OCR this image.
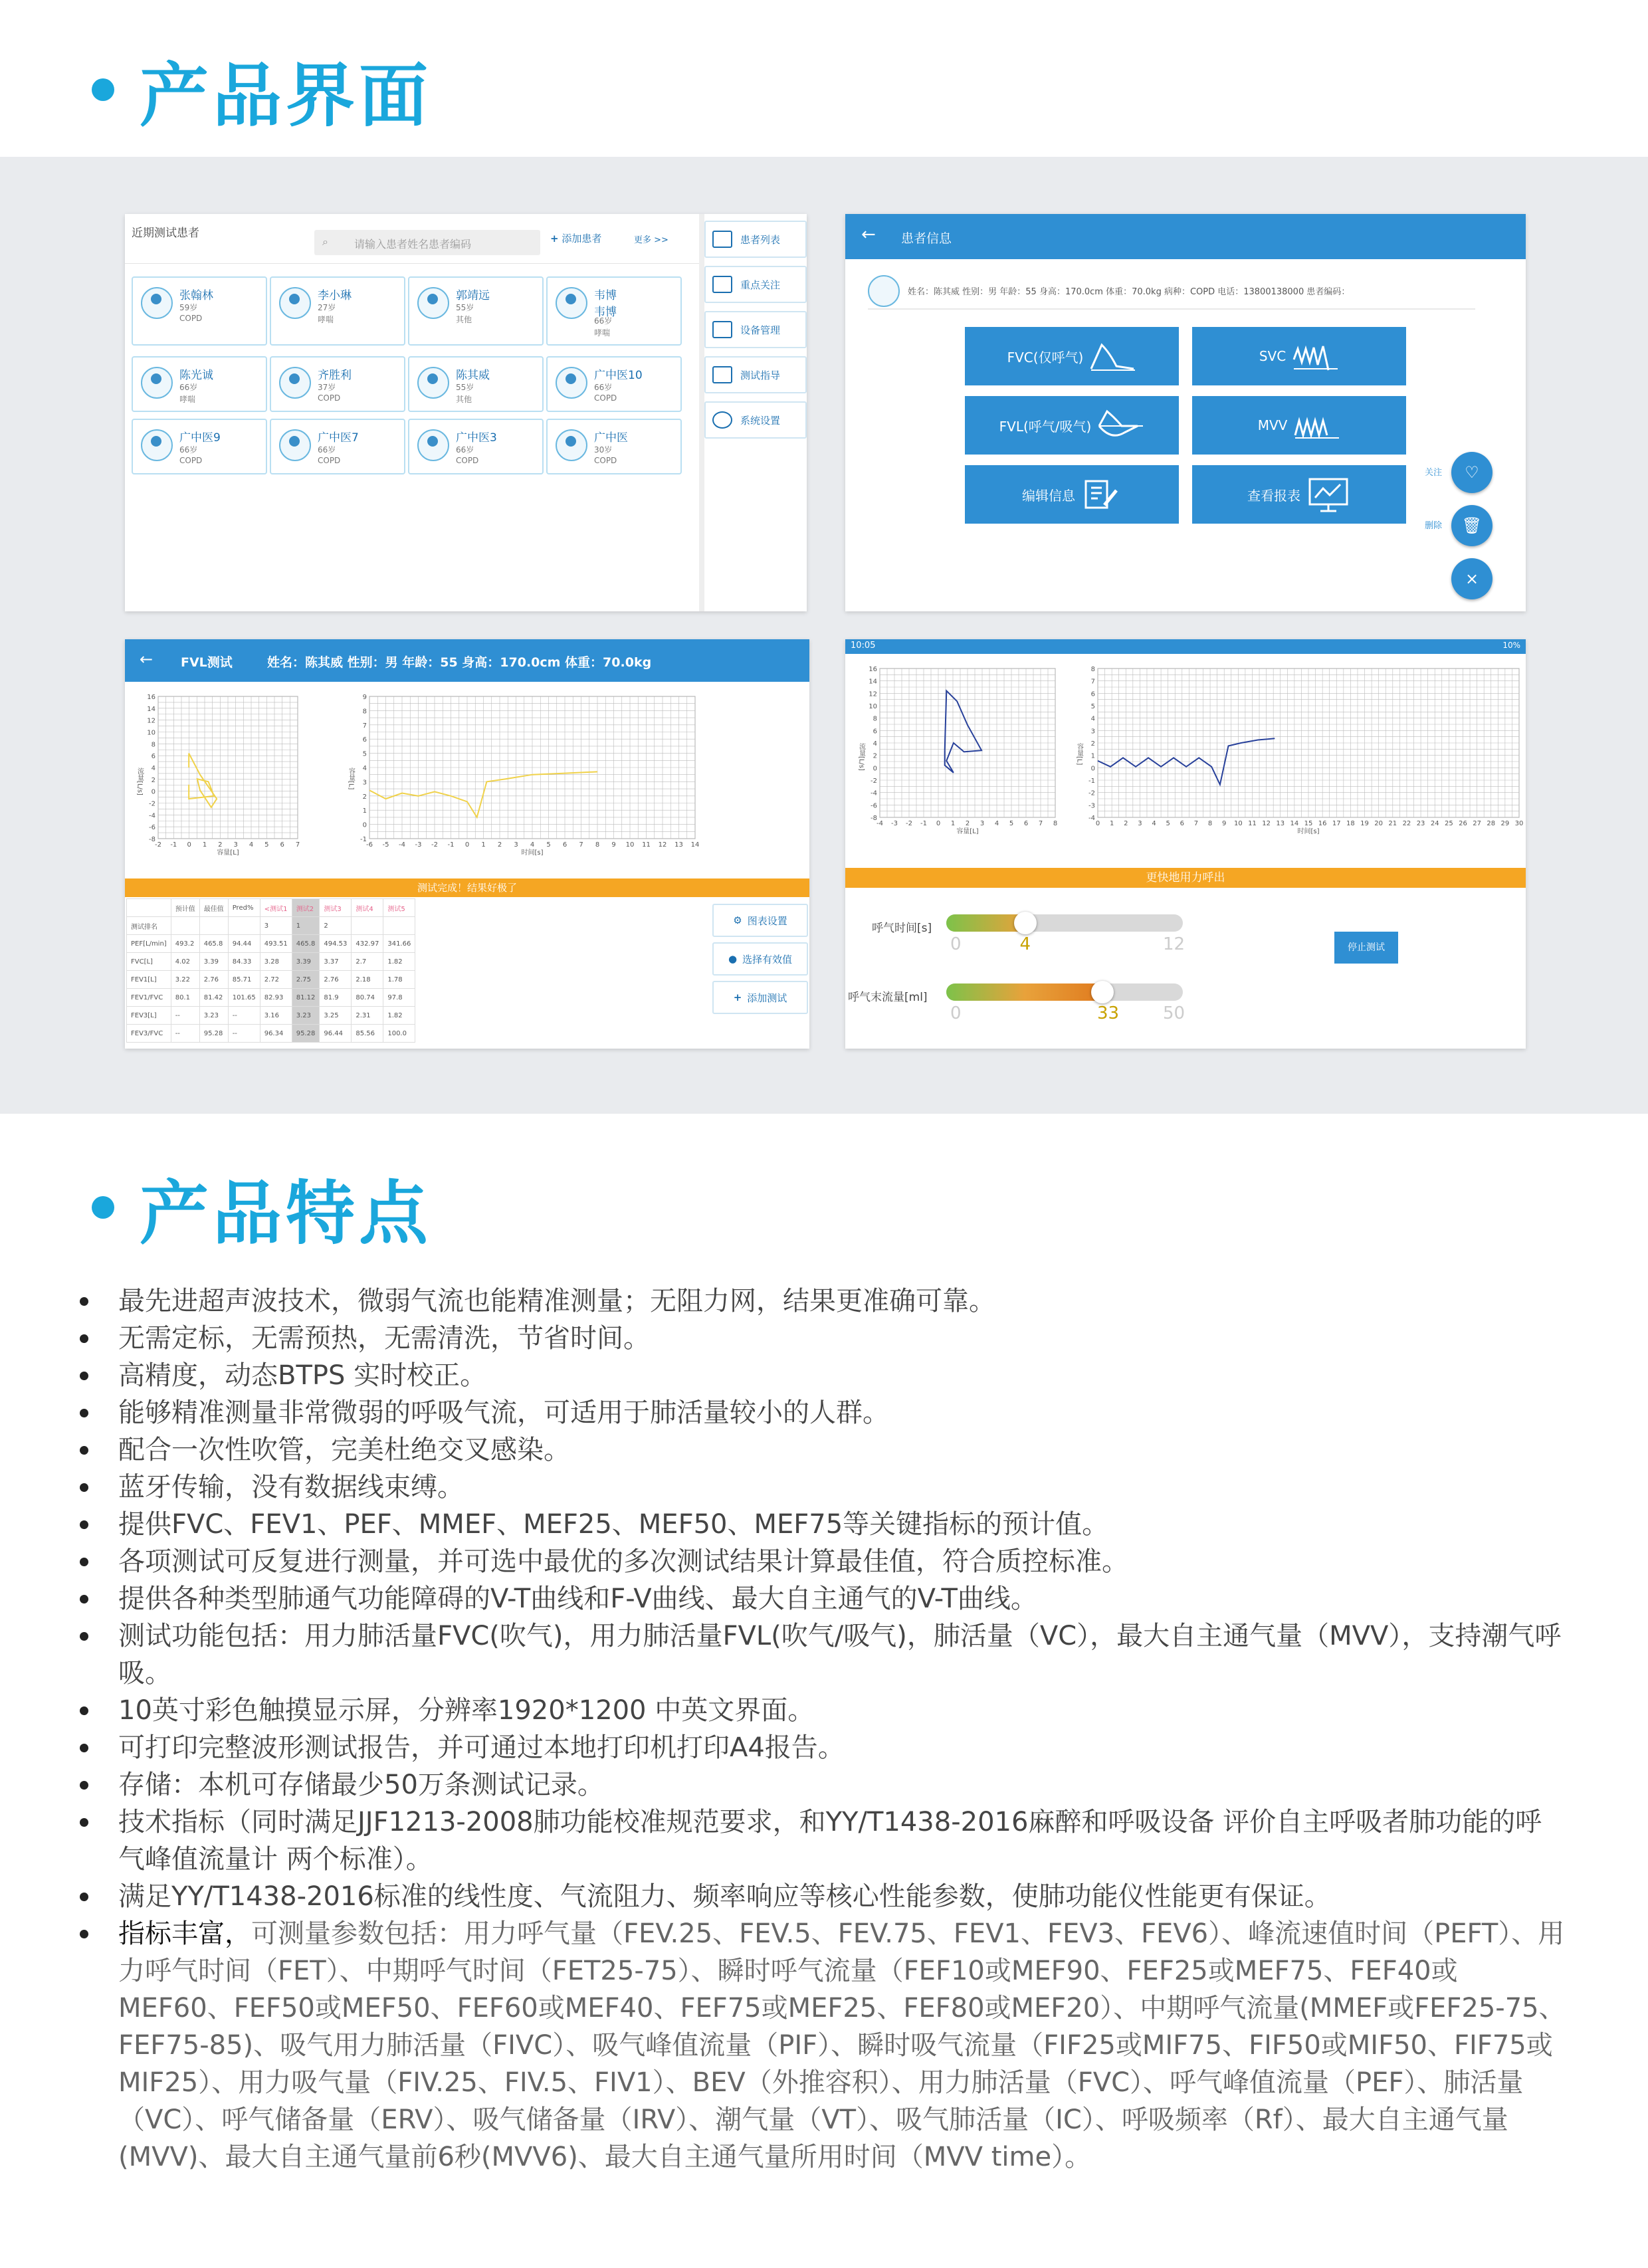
产品界面
近期测试患者
⌕ 请输入患者姓名患者编码	+ 添加患者	更多 >>
张翰林
59岁
COPD
李小琳
27岁
哮喘
郭靖远
55岁
其他
韦博 韦博
66岁
哮喘
陈光诚
66岁
哮喘
齐胜利
37岁
COPD
陈其威
55岁
其他
广中医10
66岁
COPD
广中医9
66岁
COPD
广中医7
66岁
COPD
广中医3
66岁
COPD
广中医
30岁
COPD
患者列表
重点关注
设备管理
测试指导
系统设置
← 患者信息
姓名：陈其威 性别：男 年龄：55 身高：170.0cm 体重：70.0kg 病种：COPD 电话：13800138000 患者编码：
FVC(仅呼气)	SVC
FVL(呼气/吸气)	MVV
编辑信息	查看报表
关注 ♡
删除 🗑
×
← FVL测试	姓名：陈其威 性别：男 年龄：55 身高：170.0cm 体重：70.0kg
16
14
12
10
8
6
4
2
0
-2
-4
-6
-8
-2 -1 0 1 2 3 4 5 6 7
流量[L/s]
容量[L]
9
8
7
6
5
4
3
2
1
0
-1
-6 -5 -4 -3 -2 -1 0 1 2 3 4 5 6 7 8 9 10 11 12 13 14
容量[L]
时间[s]
测试完成！结果好极了
	预计值	最佳值	Pred%	<测试1	测试2	测试3	测试4	测试5
测试排名				3	1	2		
PEF[L/min]	493.2	465.8	94.44	493.51	465.8	494.53	432.97	341.66
FVC[L]	4.02	3.39	84.33	3.28	3.39	3.37	2.7	1.82
FEV1[L]	3.22	2.76	85.71	2.72	2.75	2.76	2.18	1.78
FEV1/FVC	80.1	81.42	101.65	82.93	81.12	81.9	80.74	97.8
FEV3[L]	--	3.23	--	3.16	3.23	3.25	2.31	1.82
FEV3/FVC	--	95.28	--	96.34	95.28	96.44	85.56	100.0
⚙ 图表设置
● 选择有效值
+ 添加测试
10:05	10%
16
14
12
10
8
6
4
2
0
-2
-4
-6
-8
-4 -3 -2 -1 0 1 2 3 4 5 6 7 8
流量[L/s]
容量[L]
8
7
6
5
4
3
2
1
0
-1
-2
-3
-4
0 1 2 3 4 5 6 7 8 9 10 11 12 13 14 15 16 17 18 19 20 21 22 23 24 25 26 27 28 29 30
容量[L]
时间[s]
更快地用力呼出
呼气时间[s]
0	4	12
呼气末流量[ml]
0	33	50
停止测试
产品特点
最先进超声波技术，微弱气流也能精准测量；无阻力网，结果更准确可靠。
无需定标，无需预热，无需清洗，节省时间。
高精度，动态BTPS 实时校正。
能够精准测量非常微弱的呼吸气流，可适用于肺活量较小的人群。
配合一次性吹管，完美杜绝交叉感染。
蓝牙传输，没有数据线束缚。
提供FVC、FEV1、PEF、MMEF、MEF25、MEF50、MEF75等关键指标的预计值。
各项测试可反复进行测量，并可选中最优的多次测试结果计算最佳值，符合质控标准。
提供各种类型肺通气功能障碍的V-T曲线和F-V曲线、最大自主通气的V-T曲线。
测试功能包括：用力肺活量FVC(吹气)，用力肺活量FVL(吹气/吸气)，肺活量（VC），最大自主通气量（MVV），支持潮气呼吸。
10英寸彩色触摸显示屏，分辨率1920*1200 中英文界面。
可打印完整波形测试报告，并可通过本地打印机打印A4报告。
存储：本机可存储最少50万条测试记录。
技术指标（同时满足JJF1213-2008肺功能校准规范要求，和YY/T1438-2016麻醉和呼吸设备 评价自主呼吸者肺功能的呼气峰值流量计 两个标准）。
满足YY/T1438-2016标准的线性度、气流阻力、频率响应等核心性能参数，使肺功能仪性能更有保证。
指标丰富，可测量参数包括：用力呼气量（FEV.25、FEV.5、FEV.75、FEV1、FEV3、FEV6）、峰流速值时间（PEFT）、用力呼气时间（FET）、中期呼气时间（FET25-75）、瞬时呼气流量（FEF10或MEF90、FEF25或MEF75、FEF40或MEF60、FEF50或MEF50、FEF60或MEF40、FEF75或MEF25、FEF80或MEF20）、中期呼气流量(MMEF或FEF25-75、FEF75-85)、吸气用力肺活量（FIVC）、吸气峰值流量（PIF）、瞬时吸气流量（FIF25或MIF75、FIF50或MIF50、FIF75或MIF25）、用力吸气量（FIV.25、FIV.5、FIV1）、BEV（外推容积）、用力肺活量（FVC）、呼气峰值流量（PEF）、肺活量（VC）、呼气储备量（ERV）、吸气储备量（IRV）、潮气量（VT）、吸气肺活量（IC）、呼吸频率（Rf）、最大自主通气量(MVV)、最大自主通气量前6秒(MVV6)、最大自主通气量所用时间（MVV time）。
